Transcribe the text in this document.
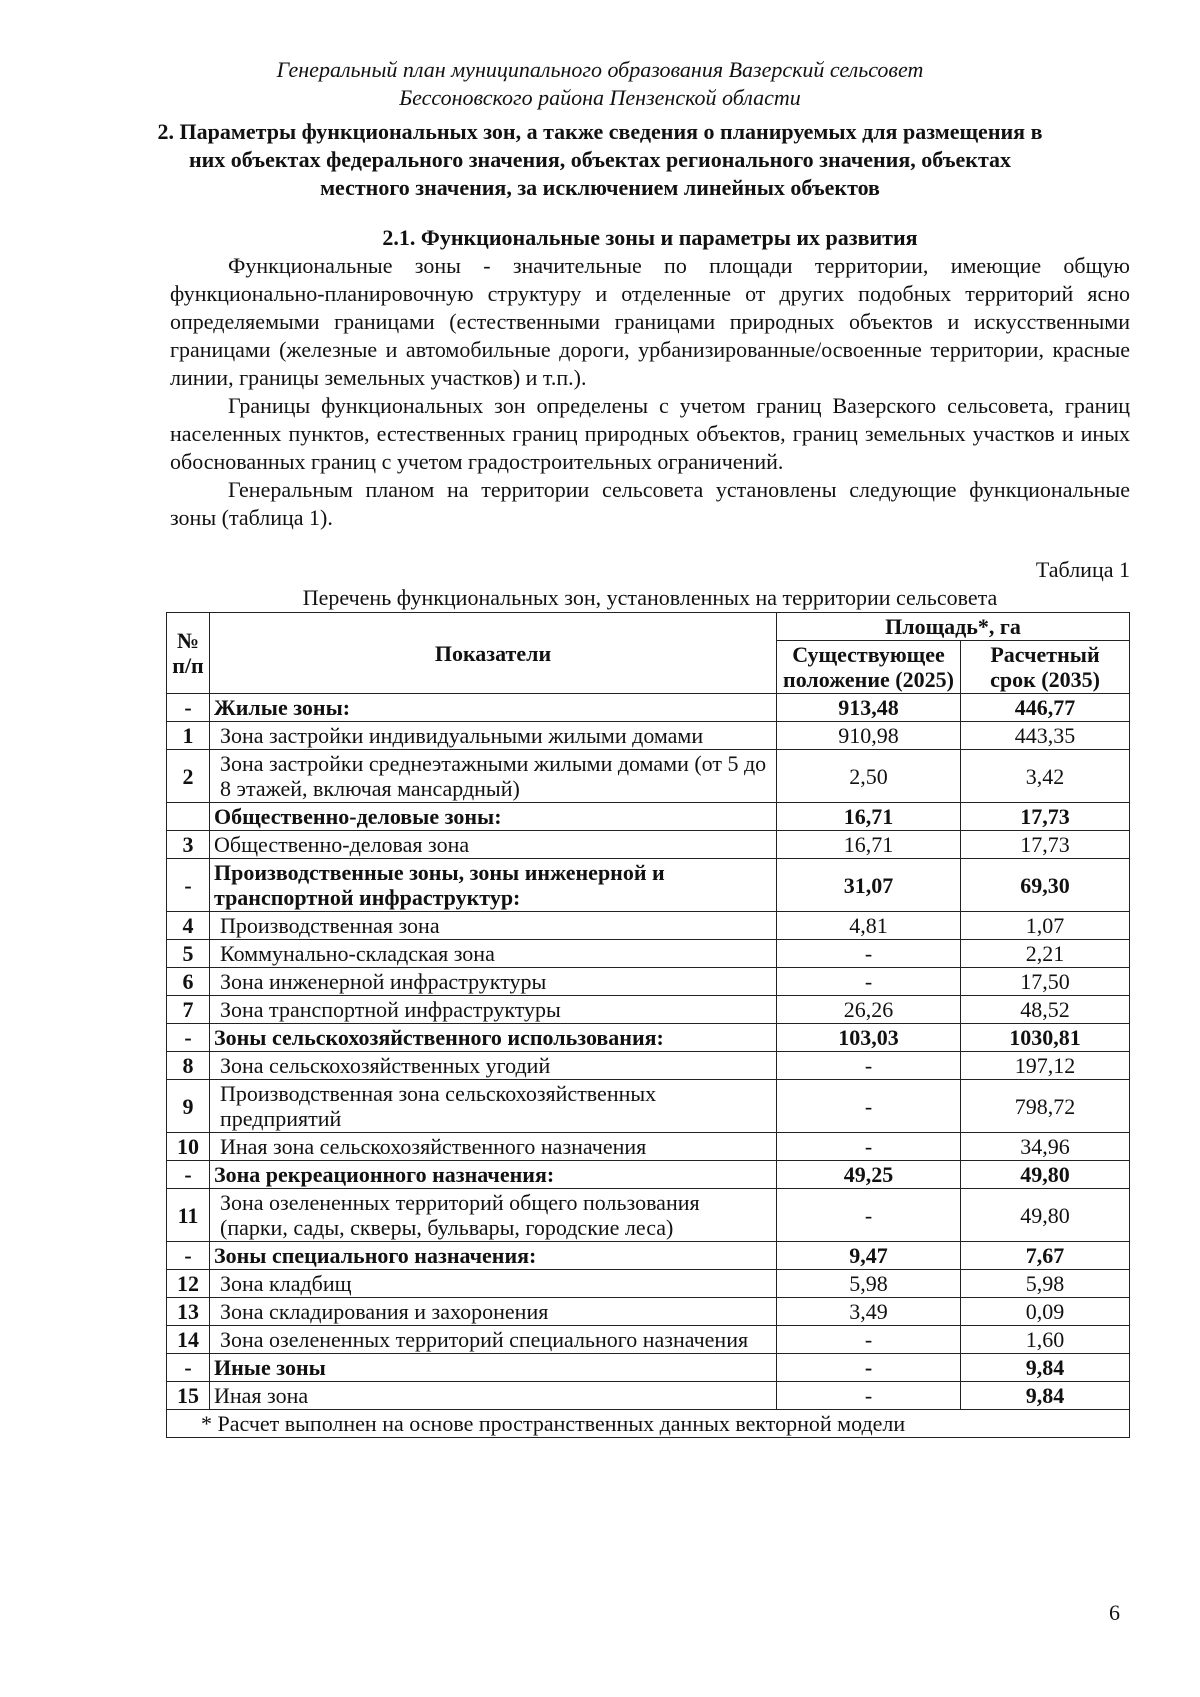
Генеральный план муниципального образования Вазерский сельсовет
Бессоновского района Пензенской области
2. Параметры функциональных зон, а также сведения о планируемых для размещения в них объектах федерального значения, объектах регионального значения, объектах местного значения, за исключением линейных объектов
2.1. Функциональные зоны и параметры их развития

Функциональные зоны - значительные по площади территории, имеющие общую функционально-планировочную структуру и отделенные от других подобных территорий ясно определяемыми границами (естественными границами природных объектов и искусственными границами (железные и автомобильные дороги, урбанизированные/освоенные территории, красные линии, границы земельных участков) и т.п.).

Границы функциональных зон определены с учетом границ Вазерского сельсовета, границ населенных пунктов, естественных границ природных объектов, границ земельных участков и иных обоснованных границ с учетом градостроительных ограничений.

Генеральным планом на территории сельсовета установлены следующие функциональные зоны (таблица 1).

Таблица 1
Перечень функциональных зон, установленных на территории сельсовета
№ п/п	Показатели	Площадь*, га	
		Существующее положение (2025)	Расчетный срок (2035)
-	Жилые зоны:	913,48	446,77
1	Зона застройки индивидуальными жилыми домами	910,98	443,35
2	Зона застройки среднеэтажными жилыми домами (от 5 до 8 этажей, включая мансардный)	2,50	3,42
	Общественно-деловые зоны:	16,71	17,73
3	Общественно-деловая зона	16,71	17,73
-	Производственные зоны, зоны инженерной и транспортной инфраструктур:	31,07	69,30
4	Производственная зона	4,81	1,07
5	Коммунально-складская зона	-	2,21
6	Зона инженерной инфраструктуры	-	17,50
7	Зона транспортной инфраструктуры	26,26	48,52
-	Зоны сельскохозяйственного использования:	103,03	1030,81
8	Зона сельскохозяйственных угодий	-	197,12
9	Производственная зона сельскохозяйственных предприятий	-	798,72
10	Иная зона сельскохозяйственного назначения	-	34,96
-	Зона рекреационного назначения:	49,25	49,80
11	Зона озелененных территорий общего пользования (парки, сады, скверы, бульвары, городские леса)	-	49,80
-	Зоны специального назначения:	9,47	7,67
12	Зона кладбищ	5,98	5,98
13	Зона складирования и захоронения	3,49	0,09
14	Зона озелененных территорий специального назначения	-	1,60
-	Иные зоны	-	9,84
15	Иная зона	-	9,84
* Расчет выполнен на основе пространственных данных векторной модели			
6
